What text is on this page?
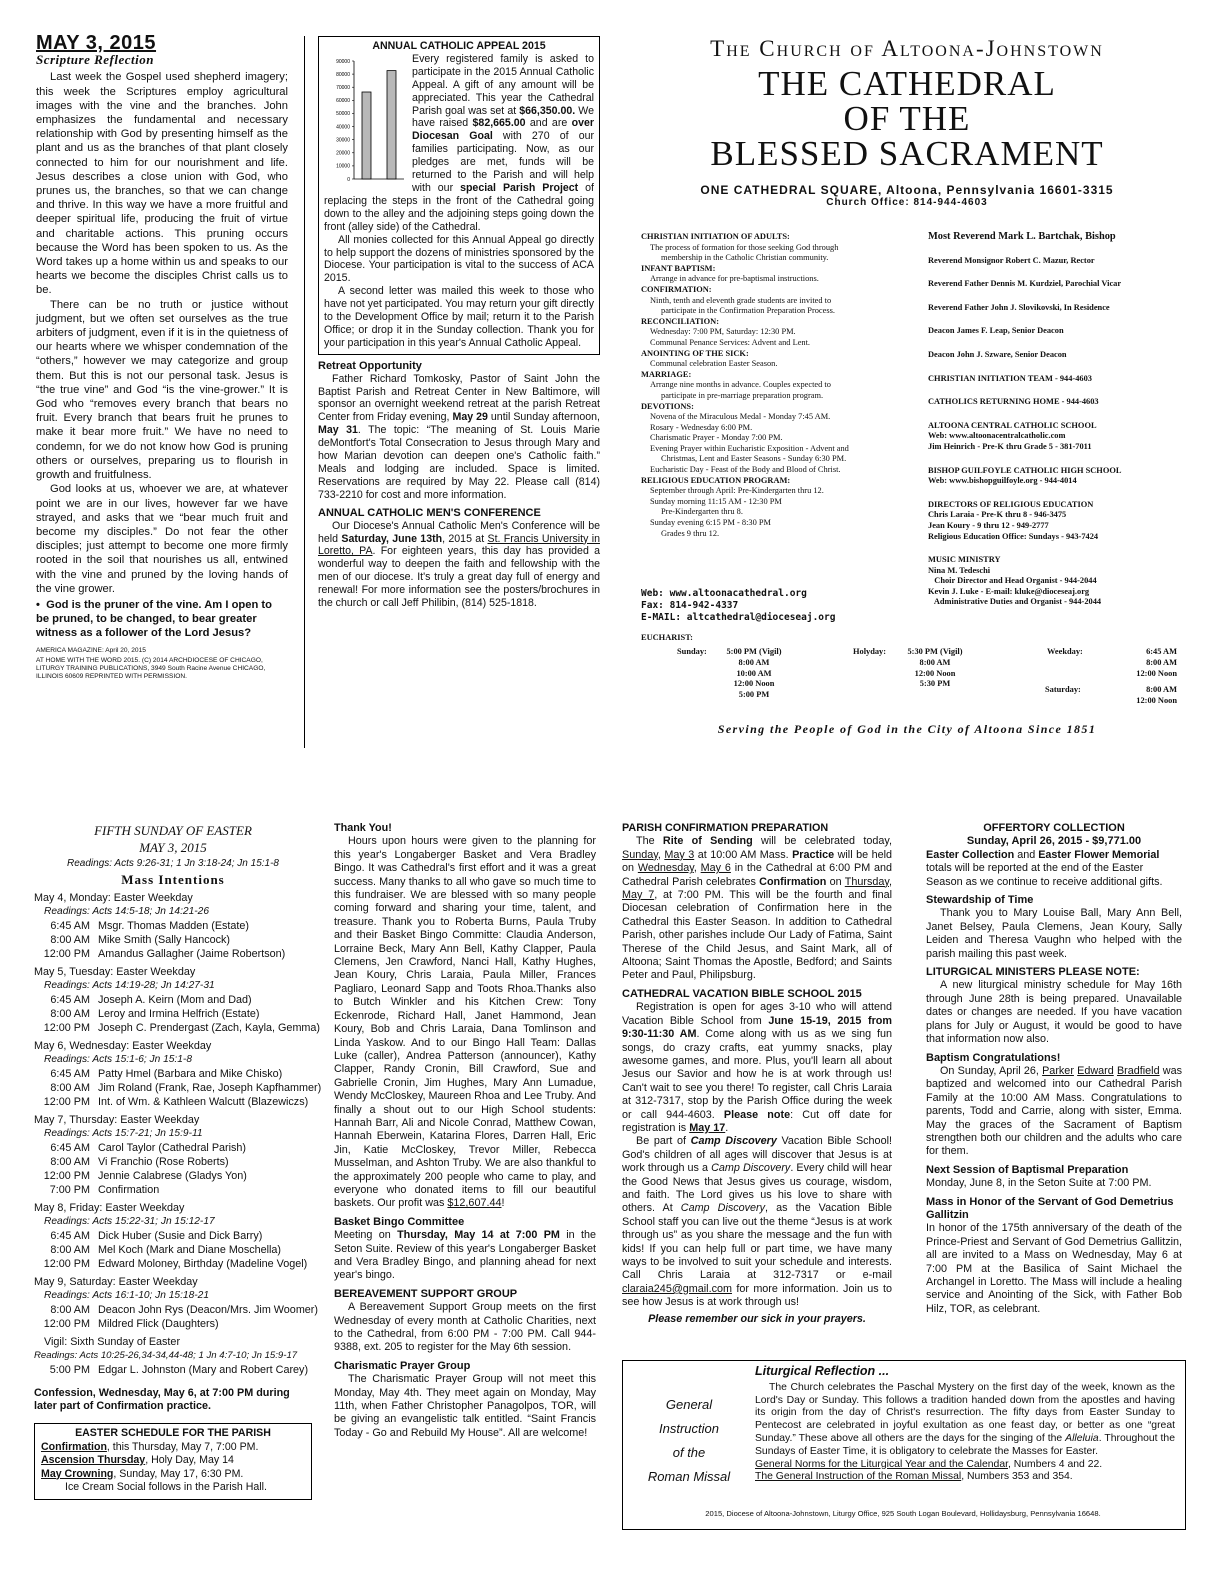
MAY 3, 2015
Scripture Reflection

Last week the Gospel used shepherd imagery; this week the Scriptures employ agricultural images with the vine and the branches. John emphasizes the fundamental and necessary relationship with God by presenting himself as the plant and us as the branches of that plant closely connected to him for our nourishment and life. Jesus describes a close union with God, who prunes us, the branches, so that we can change and thrive. In this way we have a more fruitful and deeper spiritual life, producing the fruit of virtue and charitable actions. This pruning occurs because the Word has been spoken to us. As the Word takes up a home within us and speaks to our hearts we become the disciples Christ calls us to be.

There can be no truth or justice without judgment, but we often set ourselves as the true arbiters of judgment, even if it is in the quietness of our hearts where we whisper condemnation of the “others,” however we may categorize and group them. But this is not our personal task. Jesus is “the true vine” and God “is the vine-grower.” It is God who “removes every branch that bears no fruit. Every branch that bears fruit he prunes to make it bear more fruit.” We have no need to condemn, for we do not know how God is pruning others or ourselves, preparing us to flourish in growth and fruitfulness.

God looks at us, whoever we are, at whatever point we are in our lives, however far we have strayed, and asks that we “bear much fruit and become my disciples.” Do not fear the other disciples; just attempt to become one more firmly rooted in the soil that nourishes us all, entwined with the vine and pruned by the loving hands of the vine grower.

•  God is the pruner of the vine. Am I open to be pruned, to be changed, to bear greater witness as a follower of the Lord Jesus?

AMERICA MAGAZINE: April 20, 2015
AT HOME WITH THE WORD 2015. (C) 2014 ARCHDIOCESE OF CHICAGO, LITURGY TRAINING PUBLICATIONS, 3949 South Racine Avenue CHICAGO, ILLINOIS 60609 REPRINTED WITH PERMISSION.
ANNUAL CATHOLIC APPEAL 2015
0
10000
20000
30000
40000
50000
60000
70000
80000
90000	Every registered family is asked to participate in the 2015 Annual Catholic Appeal. A gift of any amount will be appreciated. This year the Cathedral Parish goal was set at $66,350.00. We have raised $82,665.00 and are over Diocesan Goal with 270 of our families participating. Now, as our pledges are met, funds will be returned to the Parish and will help with our special Parish Project of replacing the steps in the front of the Cathedral going down to the alley and the adjoining steps going down the front (alley side) of the Cathedral.

All monies collected for this Annual Appeal go directly to help support the dozens of ministries sponsored by the Diocese. Your participation is vital to the success of ACA 2015.

A second letter was mailed this week to those who have not yet participated. You may return your gift directly to the Development Office by mail; return it to the Parish Office; or drop it in the Sunday collection. Thank you for your participation in this year's Annual Catholic Appeal.

Retreat Opportunity

Father Richard Tomkosky, Pastor of Saint John the Baptist Parish and Retreat Center in New Baltimore, will sponsor an overnight weekend retreat at the parish Retreat Center from Friday evening, May 29 until Sunday afternoon, May 31. The topic: “The meaning of St. Louis Marie deMontfort's Total Consecration to Jesus through Mary and how Marian devotion can deepen one's Catholic faith.” Meals and lodging are included. Space is limited. Reservations are required by May 22. Please call (814) 733-2210 for cost and more information.

ANNUAL CATHOLIC MEN'S CONFERENCE

Our Diocese's Annual Catholic Men's Conference will be held Saturday, June 13th, 2015 at St. Francis University in Loretto, PA. For eighteen years, this day has provided a wonderful way to deepen the faith and fellowship with the men of our diocese. It's truly a great day full of energy and renewal! For more information see the posters/brochures in the church or call Jeff Philibin, (814) 525-1818.

The Church of Altoona-Johnstown
THE CATHEDRAL
OF THE
BLESSED SACRAMENT
ONE CATHEDRAL SQUARE, Altoona, Pennsylvania 16601-3315
Church Office: 814-944-4603
CHRISTIAN INITIATION OF ADULTS:
The process of formation for those seeking God through
membership in the Catholic Christian community.
INFANT BAPTISM:
Arrange in advance for pre-baptismal instructions.
CONFIRMATION:
Ninth, tenth and eleventh grade students are invited to
participate in the Confirmation Preparation Process.
RECONCILIATION:
Wednesday: 7:00 PM, Saturday: 12:30 PM.
Communal Penance Services: Advent and Lent.
ANOINTING OF THE SICK:
Communal celebration Easter Season.
MARRIAGE:
Arrange nine months in advance. Couples expected to
participate in pre-marriage preparation program.
DEVOTIONS:
Novena of the Miraculous Medal - Monday 7:45 AM.
Rosary - Wednesday 6:00 PM.
Charismatic Prayer - Monday 7:00 PM.
Evening Prayer within Eucharistic Exposition - Advent and
Christmas, Lent and Easter Seasons - Sunday 6:30 PM.
Eucharistic Day - Feast of the Body and Blood of Christ.
RELIGIOUS EDUCATION PROGRAM:
September through April: Pre-Kindergarten thru 12.
Sunday morning 11:15 AM - 12:30 PM
Pre-Kindergarten thru 8.
Sunday evening 6:15 PM - 8:30 PM
Grades 9 thru 12.
Web: www.altoonacathedral.org
Fax: 814-942-4337
E-MAIL: altcathedral@dioceseaj.org
Most Reverend Mark L. Bartchak, Bishop
Reverend Monsignor Robert C. Mazur, Rector
Reverend Father Dennis M. Kurdziel, Parochial Vicar
Reverend Father John J. Slovikovski, In Residence
Deacon James F. Leap, Senior Deacon
Deacon John J. Szware, Senior Deacon
CHRISTIAN INITIATION TEAM - 944-4603
CATHOLICS RETURNING HOME - 944-4603
ALTOONA CENTRAL CATHOLIC SCHOOL
Web: www.altoonacentralcatholic.com
Jim Heinrich - Pre-K thru Grade 5 - 381-7011
BISHOP GUILFOYLE CATHOLIC HIGH SCHOOL
Web: www.bishopguilfoyle.org - 944-4014
DIRECTORS OF RELIGIOUS EDUCATION
Chris Laraia - Pre-K thru 8 - 946-3475
Jean Koury - 9 thru 12 - 949-2777
Religious Education Office: Sundays - 943-7424
MUSIC MINISTRY
Nina M. Tedeschi
Choir Director and Head Organist - 944-2044
Kevin J. Luke - E-mail: kluke@dioceseaj.org
Administrative Duties and Organist - 944-2044
EUCHARIST:
Sunday:	5:00 PM (Vigil)
8:00 AM
10:00 AM
12:00 Noon
5:00 PM
Holyday:	5:30 PM (Vigil)
8:00 AM
12:00 Noon
5:30 PM
Weekday:	6:45 AM
8:00 AM
12:00 Noon
Saturday:	8:00 AM
12:00 Noon
Serving the People of God in the City of Altoona Since 1851
FIFTH SUNDAY OF EASTER
MAY 3, 2015
Readings: Acts 9:26-31; 1 Jn 3:18-24; Jn 15:1-8
Mass Intentions
May 4, Monday: Easter Weekday
Readings: Acts 14:5-18; Jn 14:21-26
6:45 AM Msgr. Thomas Madden (Estate)
8:00 AM Mike Smith (Sally Hancock)
12:00 PM Amandus Gallagher (Jaime Robertson)
May 5, Tuesday: Easter Weekday
Readings: Acts 14:19-28; Jn 14:27-31
6:45 AM Joseph A. Keirn (Mom and Dad)
8:00 AM Leroy and Irmina Helfrich (Estate)
12:00 PM Joseph C. Prendergast (Zach, Kayla, Gemma)
May 6, Wednesday: Easter Weekday
Readings: Acts 15:1-6; Jn 15:1-8
6:45 AM Patty Hmel (Barbara and Mike Chisko)
8:00 AM Jim Roland (Frank, Rae, Joseph Kapfhammer)
12:00 PM Int. of Wm. & Kathleen Walcutt (Blazewiczs)
May 7, Thursday: Easter Weekday
Readings: Acts 15:7-21; Jn 15:9-11
6:45 AM Carol Taylor (Cathedral Parish)
8:00 AM Vi Franchio (Rose Roberts)
12:00 PM Jennie Calabrese (Gladys Yon)
7:00 PM Confirmation
May 8, Friday: Easter Weekday
Readings: Acts 15:22-31; Jn 15:12-17
6:45 AM Dick Huber (Susie and Dick Barry)
8:00 AM Mel Koch (Mark and Diane Moschella)
12:00 PM Edward Moloney, Birthday (Madeline Vogel)
May 9, Saturday: Easter Weekday
Readings: Acts 16:1-10; Jn 15:18-21
8:00 AM Deacon John Rys (Deacon/Mrs. Jim Woomer)
12:00 PM Mildred Flick (Daughters)
Vigil: Sixth Sunday of Easter
Readings: Acts 10:25-26,34-34,44-48; 1 Jn 4:7-10; Jn 15:9-17
5:00 PM Edgar L. Johnston (Mary and Robert Carey)
Confession, Wednesday, May 6, at 7:00 PM during later part of Confirmation practice.
EASTER SCHEDULE FOR THE PARISH
Confirmation, this Thursday, May 7, 7:00 PM.
Ascension Thursday, Holy Day, May 14
May Crowning, Sunday, May 17, 6:30 PM.
Ice Cream Social follows in the Parish Hall.
Thank You!

Hours upon hours were given to the planning for this year's Longaberger Basket and Vera Bradley Bingo. It was Cathedral's first effort and it was a great success. Many thanks to all who gave so much time to this fundraiser. We are blessed with so many people coming forward and sharing your time, talent, and treasure. Thank you to Roberta Burns, Paula Truby and their Basket Bingo Committe: Claudia Anderson, Lorraine Beck, Mary Ann Bell, Kathy Clapper, Paula Clemens, Jen Crawford, Nanci Hall, Kathy Hughes, Jean Koury, Chris Laraia, Paula Miller, Frances Pagliaro, Leonard Sapp and Toots Rhoa.Thanks also to Butch Winkler and his Kitchen Crew: Tony Eckenrode, Richard Hall, Janet Hammond, Jean Koury, Bob and Chris Laraia, Dana Tomlinson and Linda Yaskow. And to our Bingo Hall Team: Dallas Luke (caller), Andrea Patterson (announcer), Kathy Clapper, Randy Cronin, Bill Crawford, Sue and Gabrielle Cronin, Jim Hughes, Mary Ann Lumadue, Wendy McCloskey, Maureen Rhoa and Lee Truby. And finally a shout out to our High School students: Hannah Barr, Ali and Nicole Conrad, Matthew Cowan, Hannah Eberwein, Katarina Flores, Darren Hall, Eric Jin, Katie McCloskey, Trevor Miller, Rebecca Musselman, and Ashton Truby. We are also thankful to the approximately 200 people who came to play, and everyone who donated items to fill our beautiful baskets. Our profit was $12,607.44!

Basket Bingo Committee

Meeting on Thursday, May 14 at 7:00 PM in the Seton Suite. Review of this year's Longaberger Basket and Vera Bradley Bingo, and planning ahead for next year's bingo.

BEREAVEMENT SUPPORT GROUP

A Bereavement Support Group meets on the first Wednesday of every month at Catholic Charities, next to the Cathedral, from 6:00 PM - 7:00 PM. Call 944-9388, ext. 205 to register for the May 6th session.

Charismatic Prayer Group

The Charismatic Prayer Group will not meet this Monday, May 4th. They meet again on Monday, May 11th, when Father Christopher Panagolpos, TOR, will be giving an evangelistic talk entitled. “Saint Francis Today - Go and Rebuild My House”. All are welcome!

PARISH CONFIRMATION PREPARATION

The Rite of Sending will be celebrated today, Sunday, May 3 at 10:00 AM Mass. Practice will be held on Wednesday, May 6 in the Cathedral at 6:00 PM and Cathedral Parish celebrates Confirmation on Thursday, May 7, at 7:00 PM. This will be the fourth and final Diocesan celebration of Confirmation here in the Cathedral this Easter Season. In addition to Cathedral Parish, other parishes include Our Lady of Fatima, Saint Therese of the Child Jesus, and Saint Mark, all of Altoona; Saint Thomas the Apostle, Bedford; and Saints Peter and Paul, Philipsburg.

CATHEDRAL VACATION BIBLE SCHOOL 2015

Registration is open for ages 3-10 who will attend Vacation Bible School from June 15-19, 2015 from 9:30-11:30 AM. Come along with us as we sing fun songs, do crazy crafts, eat yummy snacks, play awesome games, and more. Plus, you'll learn all about Jesus our Savior and how he is at work through us! Can't wait to see you there! To register, call Chris Laraia at 312-7317, stop by the Parish Office during the week or call 944-4603. Please note: Cut off date for registration is May 17.

Be part of Camp Discovery Vacation Bible School! God's children of all ages will discover that Jesus is at work through us a Camp Discovery. Every child will hear the Good News that Jesus gives us courage, wisdom, and faith. The Lord gives us his love to share with others. At Camp Discovery, as the Vacation Bible School staff you can live out the theme “Jesus is at work through us” as you share the message and the fun with kids! If you can help full or part time, we have many ways to be involved to suit your schedule and interests. Call Chris Laraia at 312-7317 or e-mail claraia245@gmail.com for more information. Join us to see how Jesus is at work through us!

Please remember our sick in your prayers.
OFFERTORY COLLECTION
Sunday, April 26, 2015 - $9,771.00

Easter Collection and Easter Flower Memorial totals will be reported at the end of the Easter Season as we continue to receive additional gifts.

Stewardship of Time

Thank you to Mary Louise Ball, Mary Ann Bell, Janet Belsey, Paula Clemens, Jean Koury, Sally Leiden and Theresa Vaughn who helped with the parish mailing this past week.

LITURGICAL MINISTERS PLEASE NOTE:

A new liturgical ministry schedule for May 16th through June 28th is being prepared. Unavailable dates or changes are needed. If you have vacation plans for July or August, it would be good to have that information now also.

Baptism Congratulations!

On Sunday, April 26, Parker Edward Bradfield was baptized and welcomed into our Cathedral Parish Family at the 10:00 AM Mass. Congratulations to parents, Todd and Carrie, along with sister, Emma. May the graces of the Sacrament of Baptism strengthen both our children and the adults who care for them.

Next Session of Baptismal Preparation

Monday, June 8, in the Seton Suite at 7:00 PM.

Mass in Honor of the Servant of God Demetrius Gallitzin

In honor of the 175th anniversary of the death of the Prince-Priest and Servant of God Demetrius Gallitzin, all are invited to a Mass on Wednesday, May 6 at 7:00 PM at the Basilica of Saint Michael the Archangel in Loretto. The Mass will include a healing service and Anointing of the Sick, with Father Bob Hilz, TOR, as celebrant.

General
Instruction
of the
Roman Missal
Liturgical Reflection ...

The Church celebrates the Paschal Mystery on the first day of the week, known as the Lord's Day or Sunday. This follows a tradition handed down from the apostles and having its origin from the day of Christ's resurrection. The fifty days from Easter Sunday to Pentecost are celebrated in joyful exultation as one feast day, or better as one “great Sunday.” These above all others are the days for the singing of the Alleluia. Throughout the Sundays of Easter Time, it is obligatory to celebrate the Masses for Easter.

General Norms for the Liturgical Year and the Calendar, Numbers 4 and 22.

The General Instruction of the Roman Missal, Numbers 353 and 354.

2015, Diocese of Altoona-Johnstown, Liturgy Office, 925 South Logan Boulevard, Hollidaysburg, Pennsylvania 16648.
